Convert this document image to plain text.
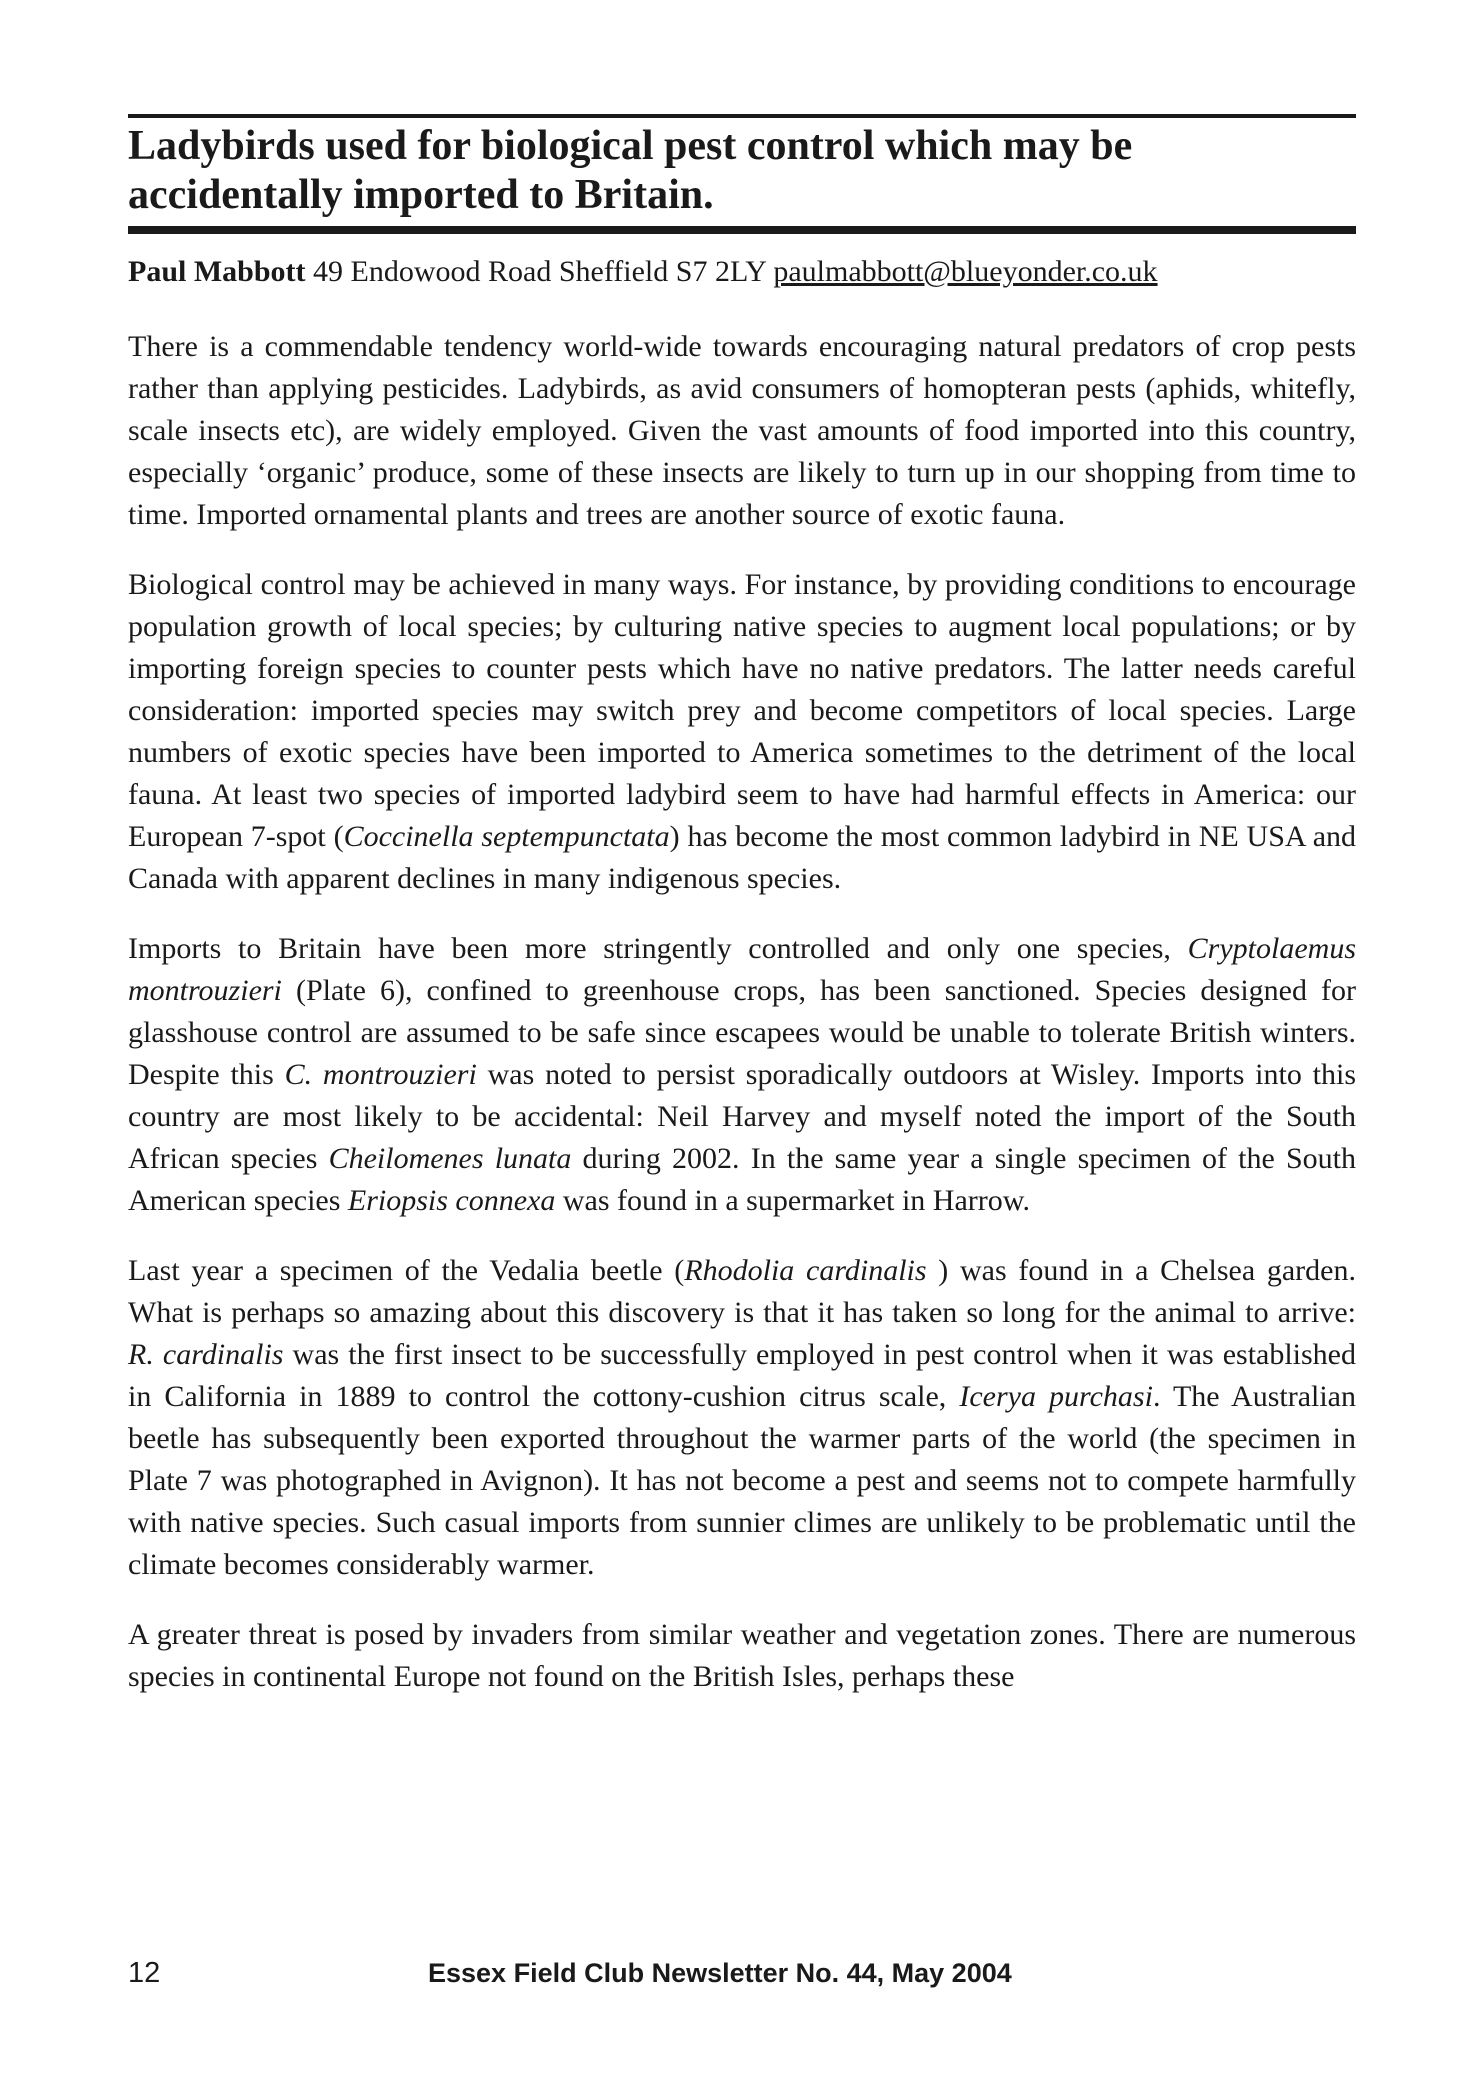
Ladybirds used for biological pest control which may be accidentally imported to Britain.
Paul Mabbott 49 Endowood Road Sheffield S7 2LY paulmabbott@blueyonder.co.uk

There is a commendable tendency world-wide towards encouraging natural predators of crop pests rather than applying pesticides. Ladybirds, as avid consumers of homopteran pests (aphids, whitefly, scale insects etc), are widely employed. Given the vast amounts of food imported into this country, especially ‘organic’ produce, some of these insects are likely to turn up in our shopping from time to time. Imported ornamental plants and trees are another source of exotic fauna.

Biological control may be achieved in many ways. For instance, by providing conditions to encourage population growth of local species; by culturing native species to augment local populations; or by importing foreign species to counter pests which have no native predators. The latter needs careful consideration: imported species may switch prey and become competitors of local species. Large numbers of exotic species have been imported to America sometimes to the detriment of the local fauna. At least two species of imported ladybird seem to have had harmful effects in America: our European 7-spot (Coccinella septempunctata) has become the most common ladybird in NE USA and Canada with apparent declines in many indigenous species.

Imports to Britain have been more stringently controlled and only one species, Cryptolaemus montrouzieri (Plate 6), confined to greenhouse crops, has been sanctioned. Species designed for glasshouse control are assumed to be safe since escapees would be unable to tolerate British winters. Despite this C. montrouzieri was noted to persist sporadically outdoors at Wisley. Imports into this country are most likely to be accidental: Neil Harvey and myself noted the import of the South African species Cheilomenes lunata during 2002. In the same year a single specimen of the South American species Eriopsis connexa was found in a supermarket in Harrow.

Last year a specimen of the Vedalia beetle (Rhodolia cardinalis ) was found in a Chelsea garden. What is perhaps so amazing about this discovery is that it has taken so long for the animal to arrive: R. cardinalis was the first insect to be successfully employed in pest control when it was established in California in 1889 to control the cottony-cushion citrus scale, Icerya purchasi. The Australian beetle has subsequently been exported throughout the warmer parts of the world (the specimen in Plate 7 was photographed in Avignon). It has not become a pest and seems not to compete harmfully with native species. Such casual imports from sunnier climes are unlikely to be problematic until the climate becomes considerably warmer.

A greater threat is posed by invaders from similar weather and vegetation zones. There are numerous species in continental Europe not found on the British Isles, perhaps these

12	Essex Field Club Newsletter No. 44, May 2004
